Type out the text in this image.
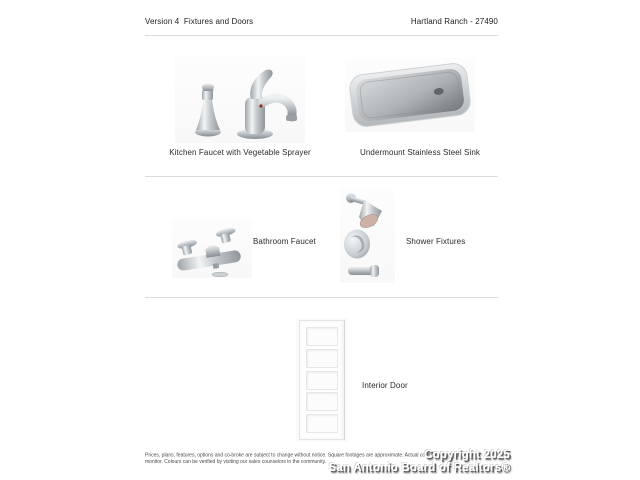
Version 4  Fixtures and Doors	Hartland Ranch - 27490
Kitchen Faucet with Vegetable Sprayer	Undermount Stainless Steel Sink
Bathroom Faucet	Shower Fixtures
Interior Door
Prices, plans, features, options and co-broke are subject to change without notice. Square footages are approximate. Actual colors may vary by
monitor. Colours can be verified by visiting our sales counselors in the community.
Copyright 2025
San Antonio Board of Realtors®
